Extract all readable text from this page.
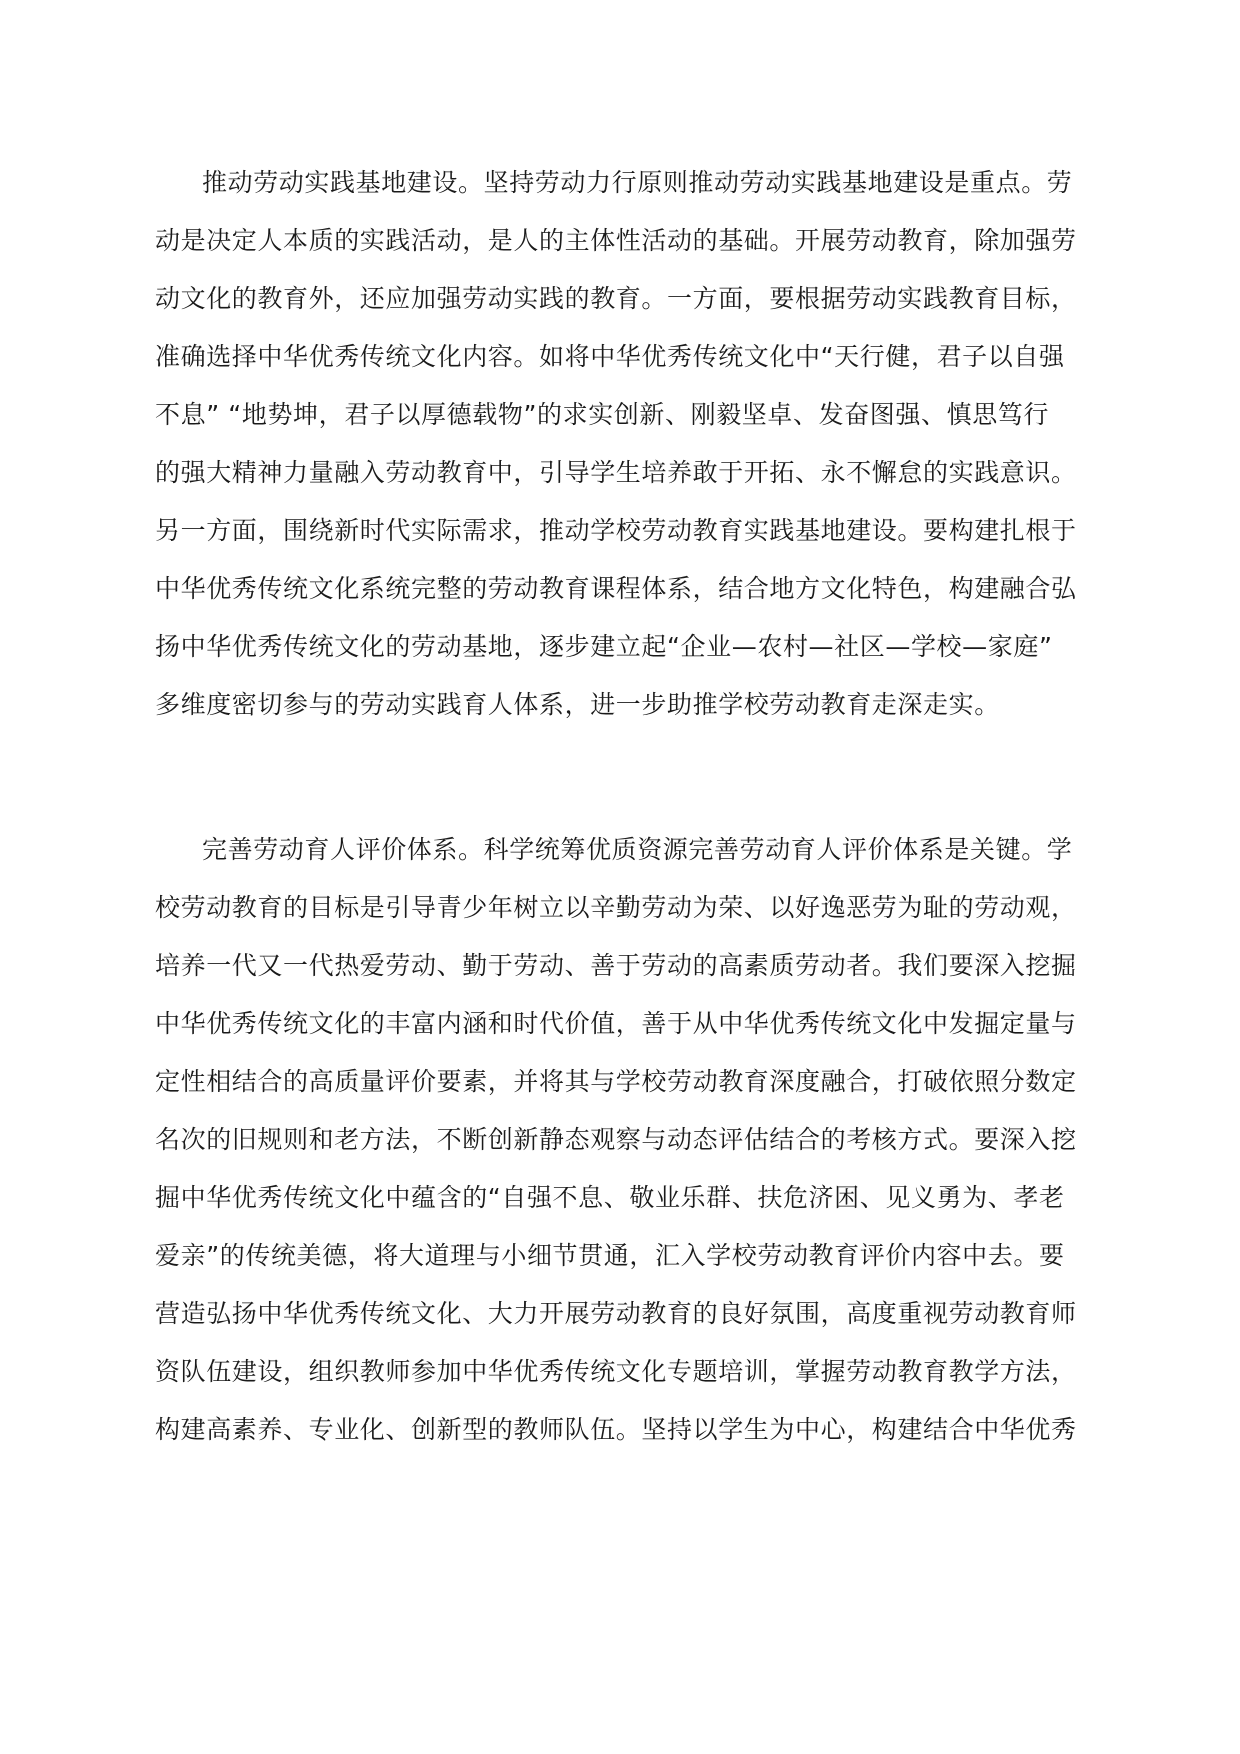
推动劳动实践基地建设。坚持劳动力行原则推动劳动实践基地建设是重点。劳
动是决定人本质的实践活动，是人的主体性活动的基础。开展劳动教育，除加强劳
动文化的教育外，还应加强劳动实践的教育。一方面，要根据劳动实践教育目标，
准确选择中华优秀传统文化内容。如将中华优秀传统文化中“天行健，君子以自强
不息” “地势坤，君子以厚德载物”的求实创新、刚毅坚卓、发奋图强、慎思笃行
的强大精神力量融入劳动教育中，引导学生培养敢于开拓、永不懈怠的实践意识。
另一方面，围绕新时代实际需求，推动学校劳动教育实践基地建设。要构建扎根于
中华优秀传统文化系统完整的劳动教育课程体系，结合地方文化特色，构建融合弘
扬中华优秀传统文化的劳动基地，逐步建立起“企业—农村—社区—学校—家庭”
多维度密切参与的劳动实践育人体系，进一步助推学校劳动教育走深走实。
完善劳动育人评价体系。科学统筹优质资源完善劳动育人评价体系是关键。学
校劳动教育的目标是引导青少年树立以辛勤劳动为荣、以好逸恶劳为耻的劳动观，
培养一代又一代热爱劳动、勤于劳动、善于劳动的高素质劳动者。我们要深入挖掘
中华优秀传统文化的丰富内涵和时代价值，善于从中华优秀传统文化中发掘定量与
定性相结合的高质量评价要素，并将其与学校劳动教育深度融合，打破依照分数定
名次的旧规则和老方法，不断创新静态观察与动态评估结合的考核方式。要深入挖
掘中华优秀传统文化中蕴含的“自强不息、敬业乐群、扶危济困、见义勇为、孝老
爱亲”的传统美德，将大道理与小细节贯通，汇入学校劳动教育评价内容中去。要
营造弘扬中华优秀传统文化、大力开展劳动教育的良好氛围，高度重视劳动教育师
资队伍建设，组织教师参加中华优秀传统文化专题培训，掌握劳动教育教学方法，
构建高素养、专业化、创新型的教师队伍。坚持以学生为中心，构建结合中华优秀
